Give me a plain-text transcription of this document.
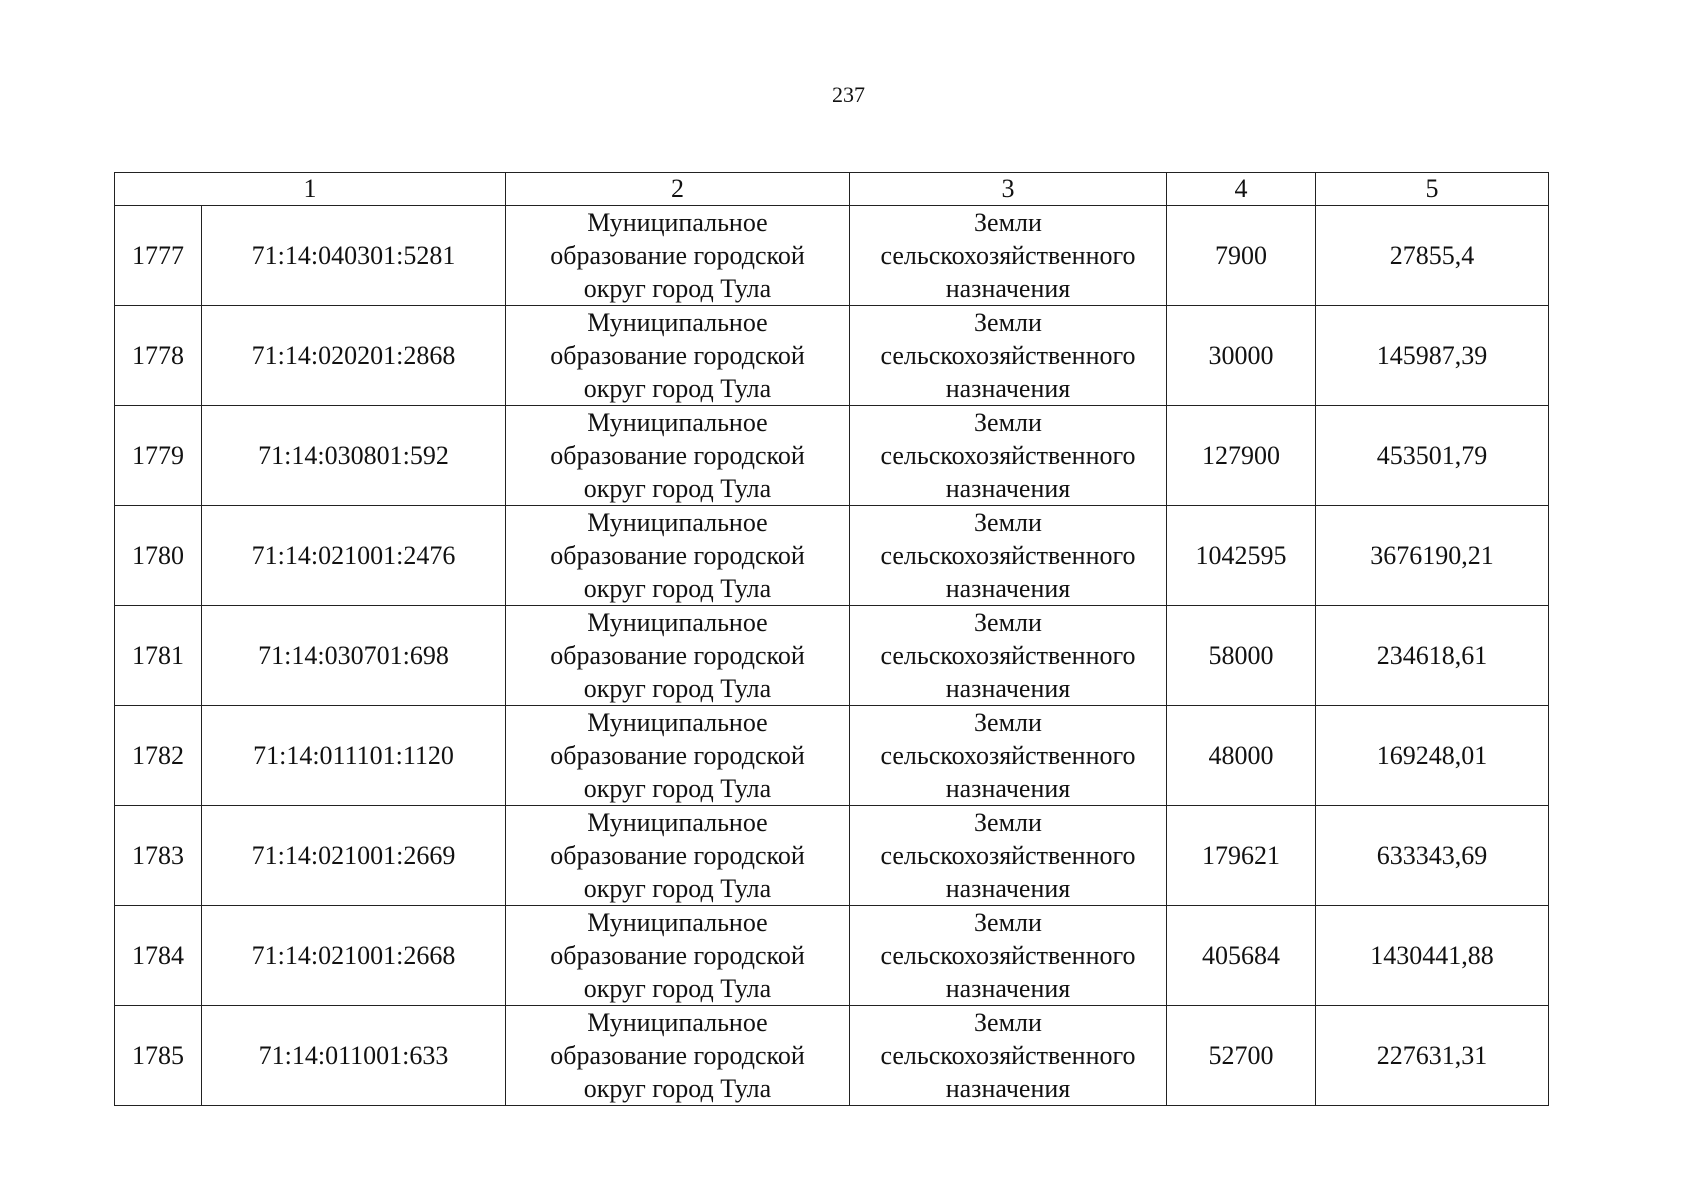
237
1		2	3	4	5
1777	71:14:040301:5281	Муниципальное
образование городской
округ город Тула	Земли
сельскохозяйственного
назначения	7900	27855,4
1778	71:14:020201:2868	Муниципальное
образование городской
округ город Тула	Земли
сельскохозяйственного
назначения	30000	145987,39
1779	71:14:030801:592	Муниципальное
образование городской
округ город Тула	Земли
сельскохозяйственного
назначения	127900	453501,79
1780	71:14:021001:2476	Муниципальное
образование городской
округ город Тула	Земли
сельскохозяйственного
назначения	1042595	3676190,21
1781	71:14:030701:698	Муниципальное
образование городской
округ город Тула	Земли
сельскохозяйственного
назначения	58000	234618,61
1782	71:14:011101:1120	Муниципальное
образование городской
округ город Тула	Земли
сельскохозяйственного
назначения	48000	169248,01
1783	71:14:021001:2669	Муниципальное
образование городской
округ город Тула	Земли
сельскохозяйственного
назначения	179621	633343,69
1784	71:14:021001:2668	Муниципальное
образование городской
округ город Тула	Земли
сельскохозяйственного
назначения	405684	1430441,88
1785	71:14:011001:633	Муниципальное
образование городской
округ город Тула	Земли
сельскохозяйственного
назначения	52700	227631,31
